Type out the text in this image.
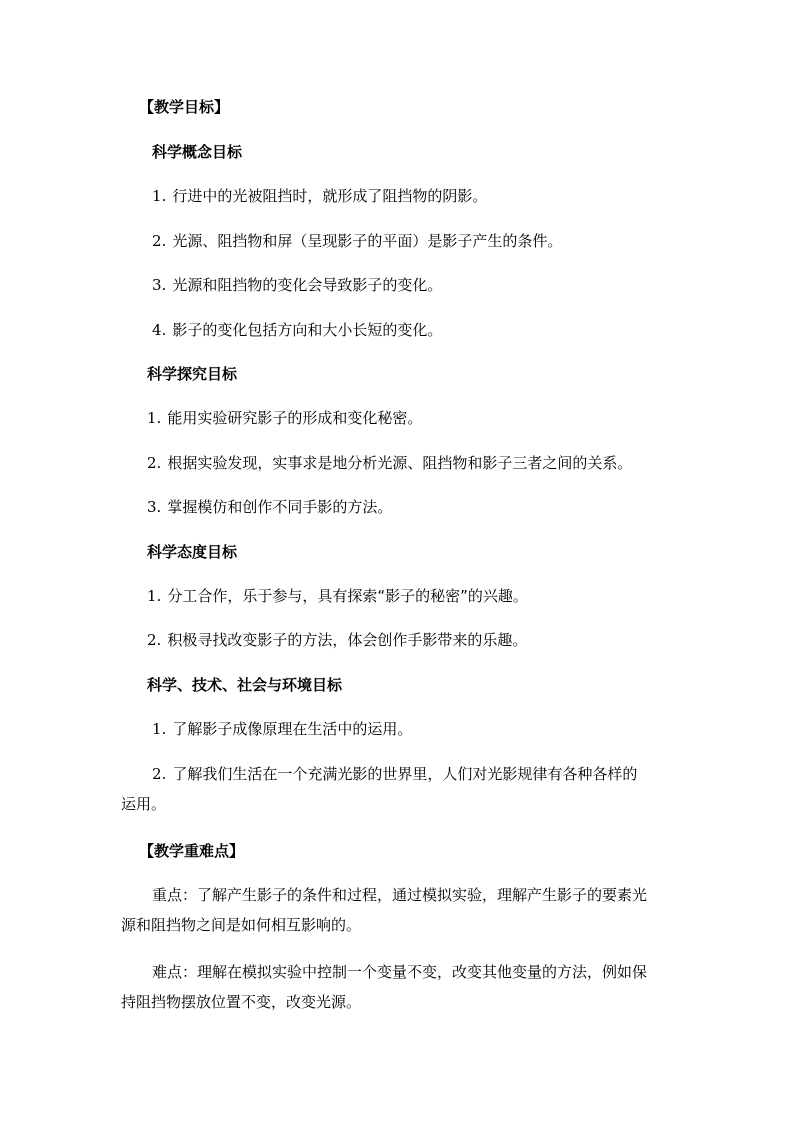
【教学目标】
科学概念目标
1. 行进中的光被阻挡时，就形成了阻挡物的阴影。
2. 光源、阻挡物和屏（呈现影子的平面）是影子产生的条件。
3. 光源和阻挡物的变化会导致影子的变化。
4. 影子的变化包括方向和大小长短的变化。
科学探究目标
1. 能用实验研究影子的形成和变化秘密。
2. 根据实验发现，实事求是地分析光源、阻挡物和影子三者之间的关系。
3. 掌握模仿和创作不同手影的方法。
科学态度目标
1. 分工合作，乐于参与，具有探索“影子的秘密”的兴趣。
2. 积极寻找改变影子的方法，体会创作手影带来的乐趣。
科学、技术、社会与环境目标
1. 了解影子成像原理在生活中的运用。
2. 了解我们生活在一个充满光影的世界里，人们对光影规律有各种各样的
运用。
【教学重难点】
重点：了解产生影子的条件和过程，通过模拟实验，理解产生影子的要素光
源和阻挡物之间是如何相互影响的。
难点：理解在模拟实验中控制一个变量不变，改变其他变量的方法，例如保
持阻挡物摆放位置不变，改变光源。
